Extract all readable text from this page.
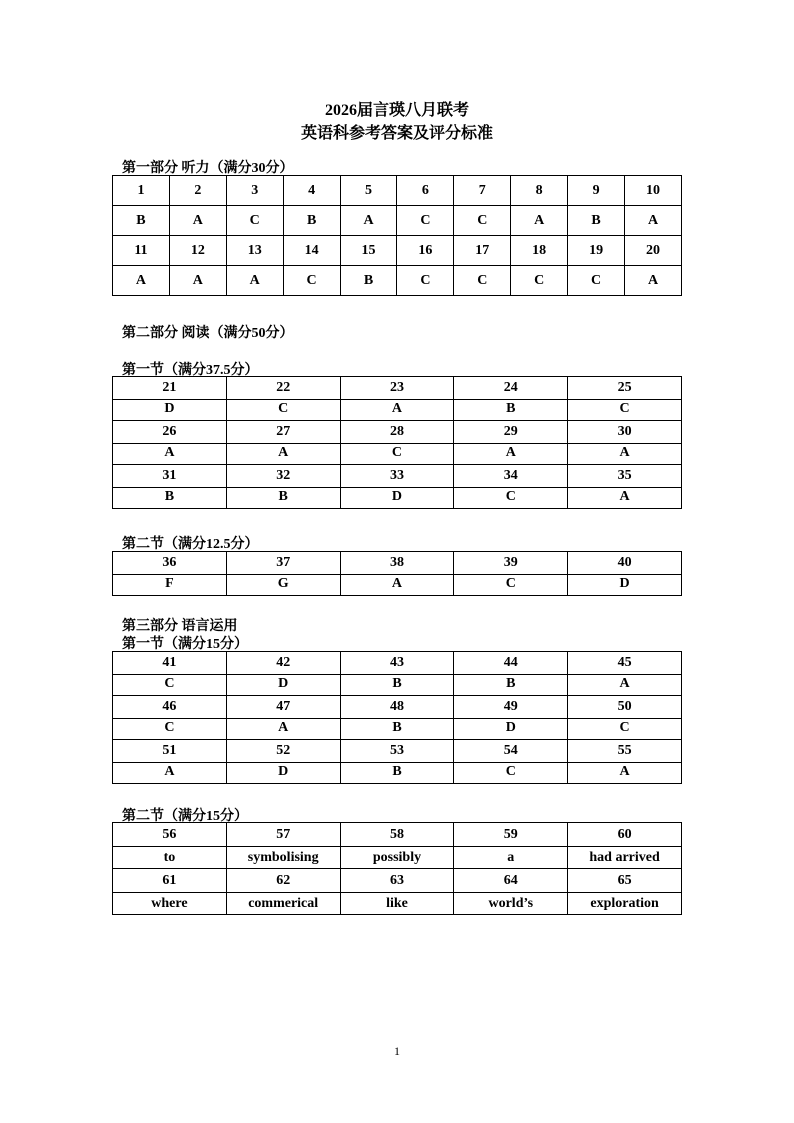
2026届言瑛八月联考
英语科参考答案及评分标准
第一部分 听力（满分30分）
1	2	3	4	5	6	7	8	9	10
B	A	C	B	A	C	C	A	B	A
11	12	13	14	15	16	17	18	19	20
A	A	A	C	B	C	C	C	C	A
第二部分 阅读（满分50分）
第一节（满分37.5分）
21	22	23	24	25
D	C	A	B	C
26	27	28	29	30
A	A	C	A	A
31	32	33	34	35
B	B	D	C	A
第二节（满分12.5分）
36	37	38	39	40
F	G	A	C	D
第三部分 语言运用
第一节（满分15分）
41	42	43	44	45
C	D	B	B	A
46	47	48	49	50
C	A	B	D	C
51	52	53	54	55
A	D	B	C	A
第二节（满分15分）
56	57	58	59	60
to	symbolising	possibly	a	had arrived
61	62	63	64	65
where	commerical	like	world’s	exploration
1
